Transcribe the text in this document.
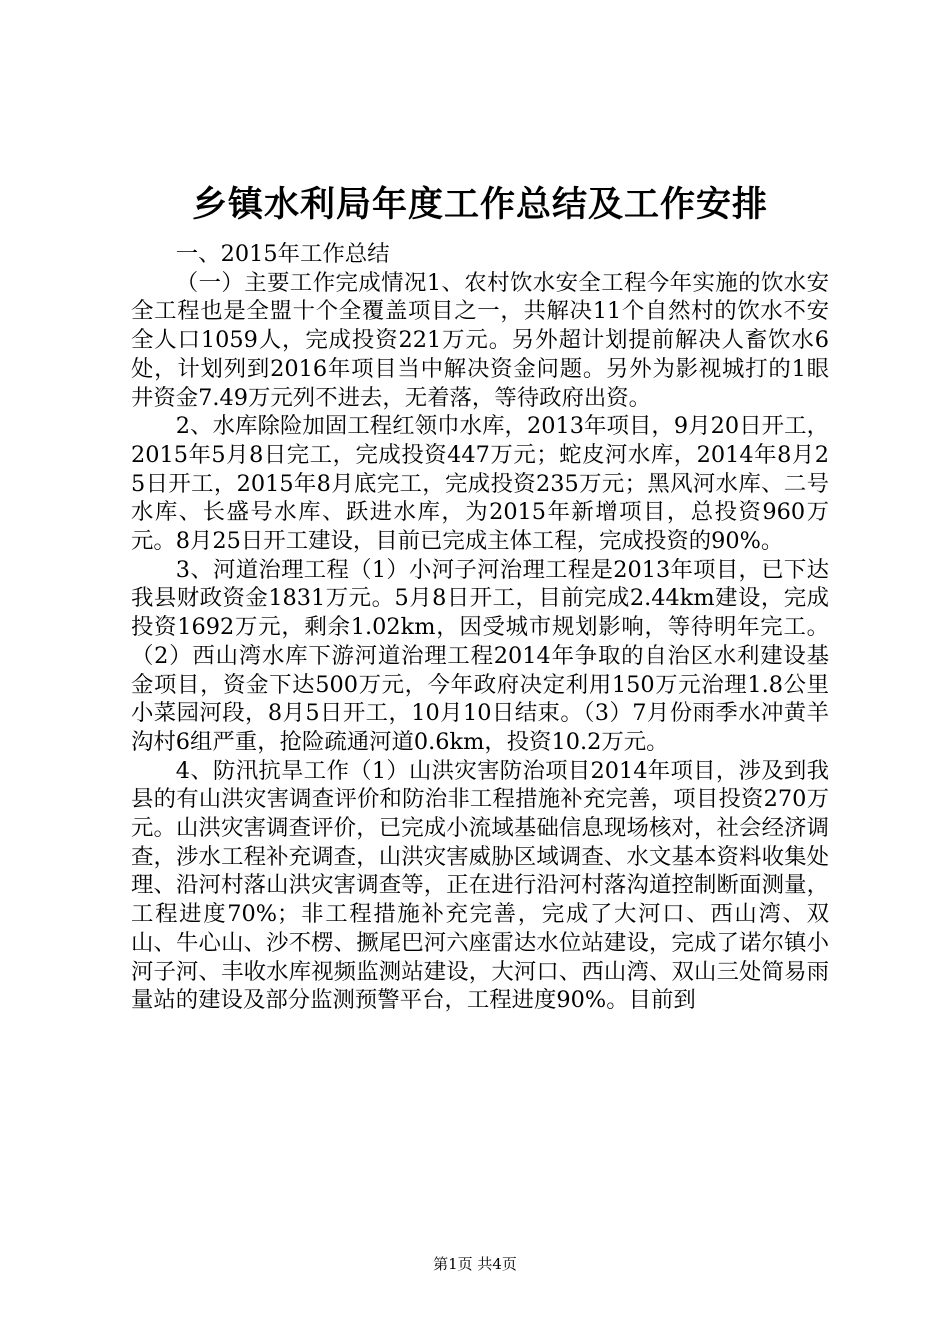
乡镇水利局年度工作总结及工作安排

一、2015年工作总结

（一）主要工作完成情况1、农村饮水安全工程今年实施的饮水安全工程也是全盟十个全覆盖项目之一，共解决11个自然村的饮水不安全人口1059人，完成投资221万元。另外超计划提前解决人畜饮水6处，计划列到2016年项目当中解决资金问题。另外为影视城打的1眼井资金7.49万元列不进去，无着落，等待政府出资。

2、水库除险加固工程红领巾水库，2013年项目，9月20日开工，2015年5月8日完工，完成投资447万元；蛇皮河水库，2014年8月25日开工，2015年8月底完工，完成投资235万元；黑风河水库、二号水库、长盛号水库、跃进水库，为2015年新增项目，总投资960万元。8月25日开工建设，目前已完成主体工程，完成投资的90%。

3、河道治理工程（1）小河子河治理工程是2013年项目，已下达我县财政资金1831万元。5月8日开工，目前完成2.44km建设，完成投资1692万元，剩余1.02km，因受城市规划影响，等待明年完工。（2）西山湾水库下游河道治理工程2014年争取的自治区水利建设基金项目，资金下达500万元，今年政府决定利用150万元治理1.8公里小菜园河段，8月5日开工，10月10日结束。（3）7月份雨季水冲黄羊沟村6组严重，抢险疏通河道0.6km，投资10.2万元。

4、防汛抗旱工作（1）山洪灾害防治项目2014年项目，涉及到我县的有山洪灾害调查评价和防治非工程措施补充完善，项目投资270万元。山洪灾害调查评价，已完成小流域基础信息现场核对，社会经济调查，涉水工程补充调查，山洪灾害威胁区域调查、水文基本资料收集处理、沿河村落山洪灾害调查等，正在进行沿河村落沟道控制断面测量，工程进度70%；非工程措施补充完善，完成了大河口、西山湾、双山、牛心山、沙不楞、撅尾巴河六座雷达水位站建设，完成了诺尔镇小河子河、丰收水库视频监测站建设，大河口、西山湾、双山三处简易雨量站的建设及部分监测预警平台，工程进度90%。目前到

第1页 共4页
